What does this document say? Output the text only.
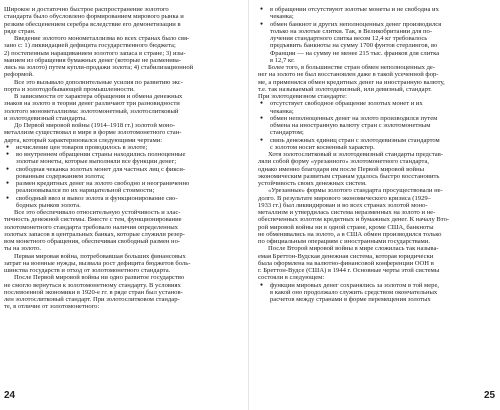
Широкое и достаточно быстрое распространение золотого
стандарта было обусловлено формированием мирового рынка и
резким обесценением серебра вследствие его демонетизации в
ряде стран.

Введение золотого монометаллизма во всех странах было свя-
зано с: 1) ликвидацией дефицита государственного бюджета;
2) постепенным наращиванием золотого запаса в стране; 3) изы-
манием из обращения бумажных денег (которые не разменива-
лись на золото) путем купли-продажи золота; 4) стабилизационной
реформой.

Все это вызывало дополнительные усилия по развитию экс-
порта и золотодобывающей промышленности.

В зависимости от характера обращения и обмена денежных
знаков на золото в теории денег различают три разновидности
золотого монометаллизма: золотомонетный, золотослитковый
и золотодевизный стандарты.

До Первой мировой войны (1914–1918 гг.) золотой моно-
металлизм существовал в мире в форме золотомонетного стан-
дарта, который характеризовался следующими чертами:

● исчисление цен товаров проводилось в золоте;
● во внутреннем обращении страны находились полноценные
золотые монеты, которые выполняли все функции денег;
● свободная чеканка золотых монет для частных лиц с фикси-
рованным содержанием золота;
● размен кредитных денег на золото свободно и неограниченно
реализовывался по их нарицательной стоимости;
● свободный ввоз и вывоз золота и функционирование сво-
бодных рынков золота.

Все это обеспечивало относительную устойчивость и элас-
тичность денежной системы. Вместе с тем, функционирование
золотомонетного стандарта требовало наличия определенных
золотых запасов в центральных банках, которые служили резер-
вом монетного обращения, обеспечивая свободный размен но-
ты на золото.

Первая мировая война, потребовавшая больших финансовых
затрат на военные нужды, вызвала рост дефицита бюджетов боль-
шинства государств и отход от золотомонетного стандарта.

После Первой мировой войны ни одно развитое государство
не смогло вернуться к золотомонетному стандарту. В условиях
послевоенной экономики в 1920-е гг. в ряде стран был установ-
лен золотослитковый стандарт. При золотослитковом стандар-
те, в отличие от золотомонетного:

● в обращении отсутствуют золотые монеты и не свободна их
чеканка;
● обмен банкнот и других неполноценных денег производился
только на золотые слитки. Так, в Великобритании для по-
лучения стандартного слитка весом 12,4 кг требовалось
предъявить банкноты на сумму 1700 фунтов стерлингов, во
Франции — на сумму не менее 215 тыс. франков для слитка
в 12,7 кг.

Более того, в большинстве стран обмен неполноценных де-
нег на золото не был восстановлен даже в такой усеченной фор-
ме, а применялся обмен кредитных денег на иностранную валюту,
т.е. так называемый золотодевизный, или девизный, стандарт.
При золотодевизном стандарте:

● отсутствует свободное обращение золотых монет и их
чеканка;
● обмен неполноценных денег на золото производился путем
обмена на иностранную валюту стран с золотомонетным
стандартом;
● связь денежных единиц стран с золотодевизным стандартом
с золотом носит косвенный характер.

Хотя золотослитковый и золотодевизный стандарты представ-
ляли собой форму «урезанного» золотомонетного стандарта,
однако именно благодаря им после Первой мировой войны
экономическим развитым странам удалось быстро восстановить
устойчивость своих денежных систем.

«Урезанные» формы золотого стандарта просуществовали не-
долго. В результате мирового экономического кризиса (1929–
1933 гг.) был ликвидирован и во всех странах золотой моно-
металлизм и утвердилась система неразменных на золото и не-
обеспеченных золотом кредитных и бумажных денег. К началу Вто-
рой мировой войны ни в одной стране, кроме США, банкноты
не обменивались на золото, а в США обмен производился только
по официальным операциям с иностранными государствами.

После Второй мировой войны в мире сложилась так называ-
емая Бреттон-Вудская денежная система, которая юридически
была оформлена на валютно-финансовой конференции ООН в
г. Бреттон-Вудсе (США) в 1944 г. Основные черты этой системы
состояли в следующем:

● функции мировых денег сохранялись за золотом в той мере,
в какой оно продолжало служить средством окончательных
расчетов между странами в форме перемещения золотых
24	25
